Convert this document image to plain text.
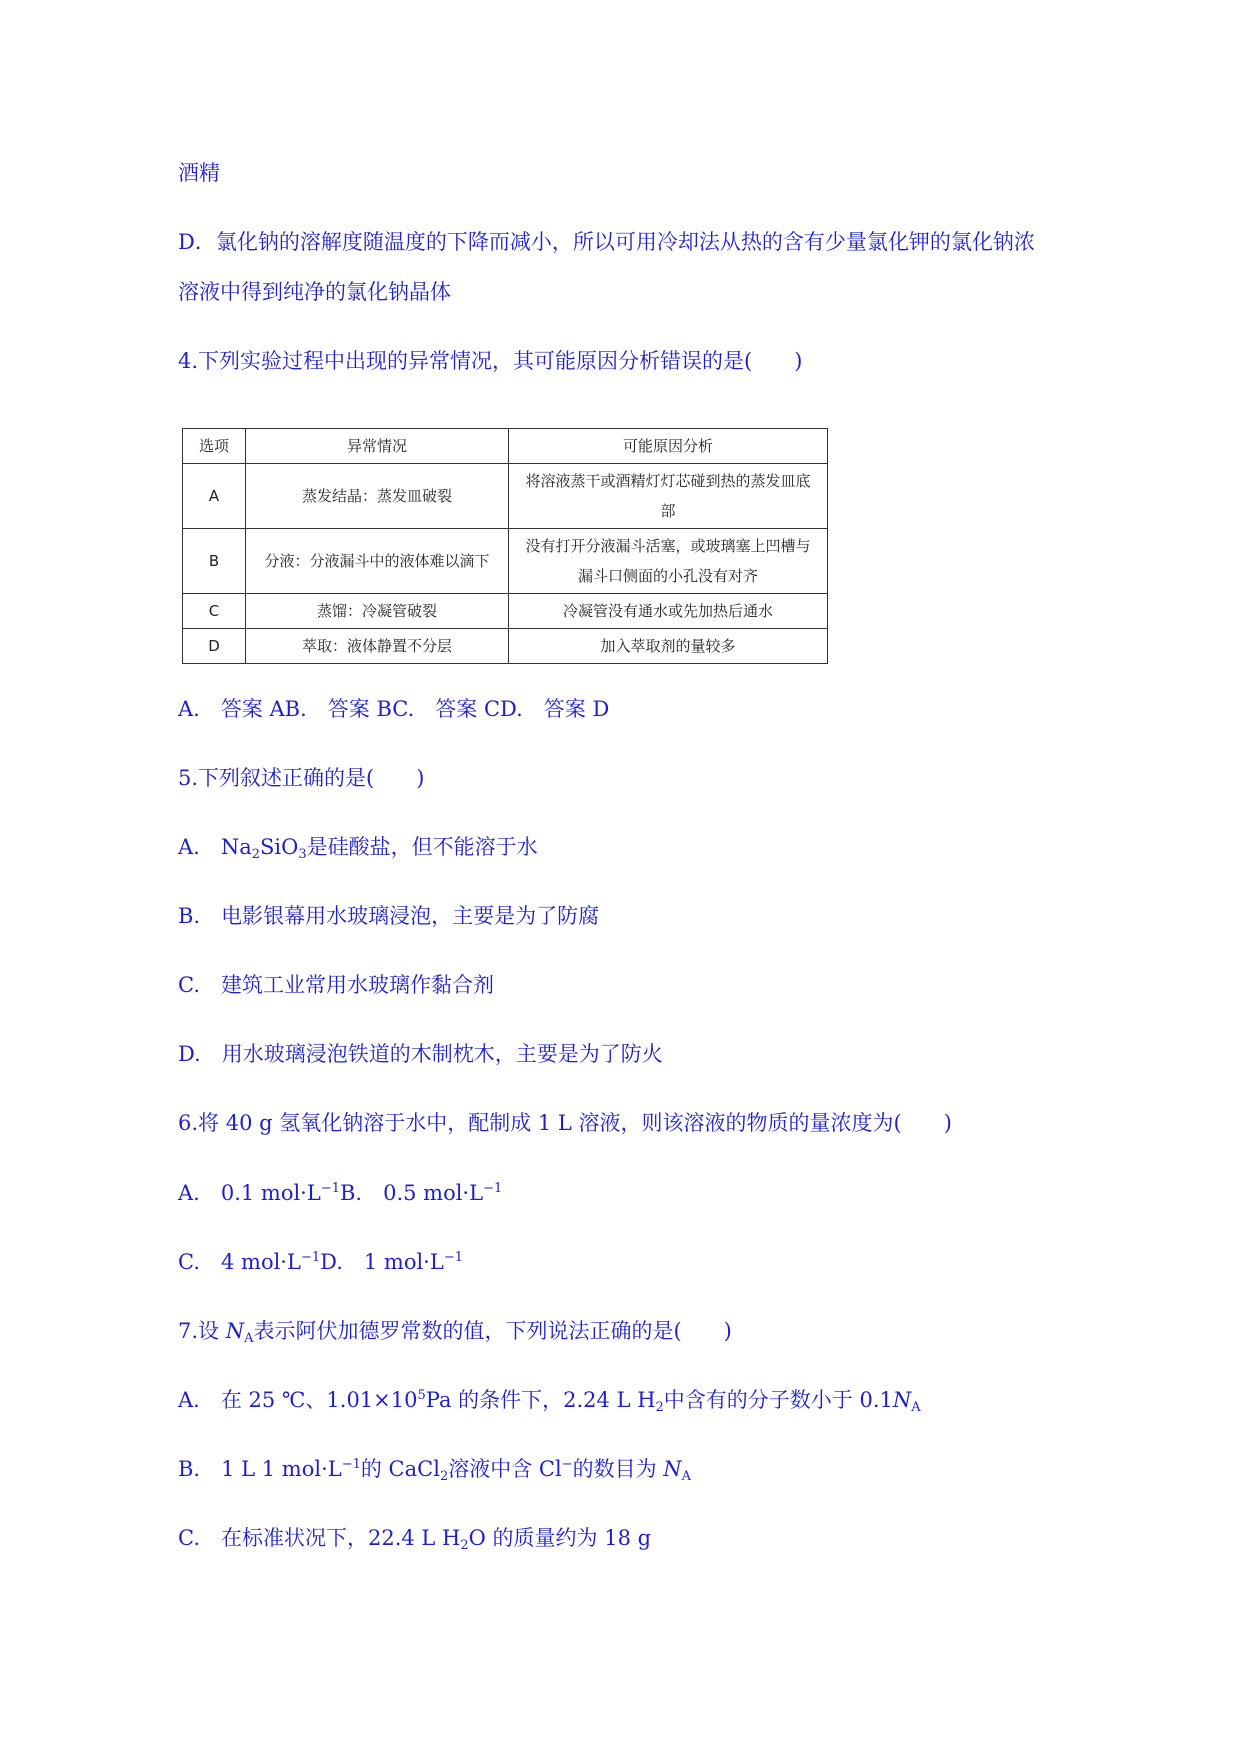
酒精
D．氯化钠的溶解度随温度的下降而减小，所以可用冷却法从热的含有少量氯化钾的氯化钠浓
溶液中得到纯净的氯化钠晶体
4.下列实验过程中出现的异常情况，其可能原因分析错误的是(　　)
选项	异常情况	可能原因分析
A	蒸发结晶：蒸发皿破裂	将溶液蒸干或酒精灯灯芯碰到热的蒸发皿底
部
B	分液：分液漏斗中的液体难以滴下	没有打开分液漏斗活塞，或玻璃塞上凹槽与
漏斗口侧面的小孔没有对齐
C	蒸馏：冷凝管破裂	冷凝管没有通水或先加热后通水
D	萃取：液体静置不分层	加入萃取剂的量较多
A.　答案 AB.　答案 BC.　答案 CD.　答案 D
5.下列叙述正确的是(　　)
A.　$Na_2SiO_3$是硅酸盐，但不能溶于水
B.　电影银幕用水玻璃浸泡，主要是为了防腐
C.　建筑工业常用水玻璃作黏合剂
D.　用水玻璃浸泡铁道的木制枕木，主要是为了防火
6.将 40 g 氢氧化钠溶于水中，配制成 1 L 溶液，则该溶液的物质的量浓度为(　　)
A.　0.1 $mol\cdot L^{-1}B$.　0.5 $mol\cdot L^{-1}$
C.　4 $mol\cdot L^{-1}D$.　1 $mol\cdot L^{-1}$
7.设 $N_A$表示阿伏加德罗常数的值，下列说法正确的是(　　)
A.　在 25 ℃、$1.01\times 10^5Pa$ 的条件下，2.24 L $H_2$中含有的分子数小于 $0.1N_A$
B.　1 L 1 $mol\cdot L^{-1}$的 CaCl$_2$溶液中含 Cl−的数目为 $N_A$
C.　在标准状况下，22.4 L $H_2O$ 的质量约为 18 g
